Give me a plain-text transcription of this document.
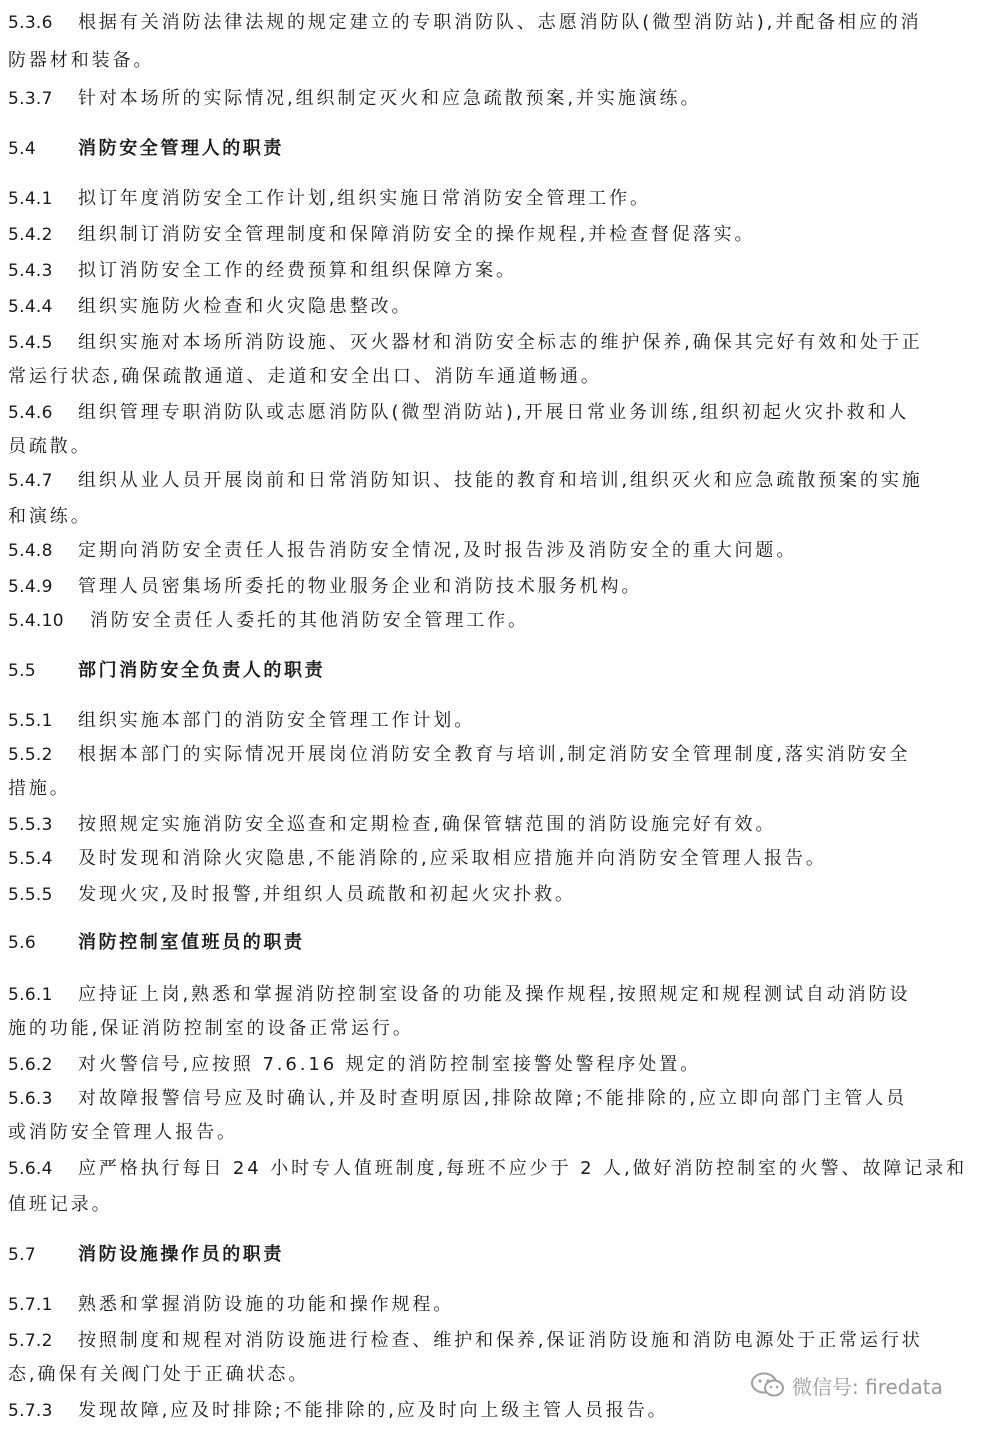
5.3.6 根据有关消防法律法规的规定建立的专职消防队、志愿消防队(微型消防站),并配备相应的消
防器材和装备。
5.3.7 针对本场所的实际情况,组织制定灭火和应急疏散预案,并实施演练。
5.4 消防安全管理人的职责
5.4.1 拟订年度消防安全工作计划,组织实施日常消防安全管理工作。
5.4.2 组织制订消防安全管理制度和保障消防安全的操作规程,并检查督促落实。
5.4.3 拟订消防安全工作的经费预算和组织保障方案。
5.4.4 组织实施防火检查和火灾隐患整改。
5.4.5 组织实施对本场所消防设施、灭火器材和消防安全标志的维护保养,确保其完好有效和处于正
常运行状态,确保疏散通道、走道和安全出口、消防车通道畅通。
5.4.6 组织管理专职消防队或志愿消防队(微型消防站),开展日常业务训练,组织初起火灾扑救和人
员疏散。
5.4.7 组织从业人员开展岗前和日常消防知识、技能的教育和培训,组织灭火和应急疏散预案的实施
和演练。
5.4.8 定期向消防安全责任人报告消防安全情况,及时报告涉及消防安全的重大问题。
5.4.9 管理人员密集场所委托的物业服务企业和消防技术服务机构。
5.4.10 消防安全责任人委托的其他消防安全管理工作。
5.5 部门消防安全负责人的职责
5.5.1 组织实施本部门的消防安全管理工作计划。
5.5.2 根据本部门的实际情况开展岗位消防安全教育与培训,制定消防安全管理制度,落实消防安全
措施。
5.5.3 按照规定实施消防安全巡查和定期检查,确保管辖范围的消防设施完好有效。
5.5.4 及时发现和消除火灾隐患,不能消除的,应采取相应措施并向消防安全管理人报告。
5.5.5 发现火灾,及时报警,并组织人员疏散和初起火灾扑救。
5.6 消防控制室值班员的职责
5.6.1 应持证上岗,熟悉和掌握消防控制室设备的功能及操作规程,按照规定和规程测试自动消防设
施的功能,保证消防控制室的设备正常运行。
5.6.2 对火警信号,应按照 7.6.16 规定的消防控制室接警处警程序处置。
5.6.3 对故障报警信号应及时确认,并及时查明原因,排除故障;不能排除的,应立即向部门主管人员
或消防安全管理人报告。
5.6.4 应严格执行每日 24 小时专人值班制度,每班不应少于 2 人,做好消防控制室的火警、故障记录和
值班记录。
5.7 消防设施操作员的职责
5.7.1 熟悉和掌握消防设施的功能和操作规程。
5.7.2 按照制度和规程对消防设施进行检查、维护和保养,保证消防设施和消防电源处于正常运行状
态,确保有关阀门处于正确状态。
5.7.3 发现故障,应及时排除;不能排除的,应及时向上级主管人员报告。
微信号: firedata
